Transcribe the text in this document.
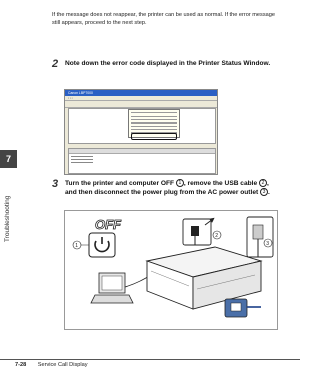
7
Troubleshooting
If the message does not reappear, the printer can be used as normal. If the error message still appears, proceed to the next step.
2 Note down the error code displayed in the Printer Status Window.
Canon LBP7000
▫ ▫ ▫
3 Turn the printer and computer OFF 1 , remove the USB cable 2 , and then disconnect the power plug from the AC power outlet 3 .
OFF
1
2
3
7-28 Service Call Display
